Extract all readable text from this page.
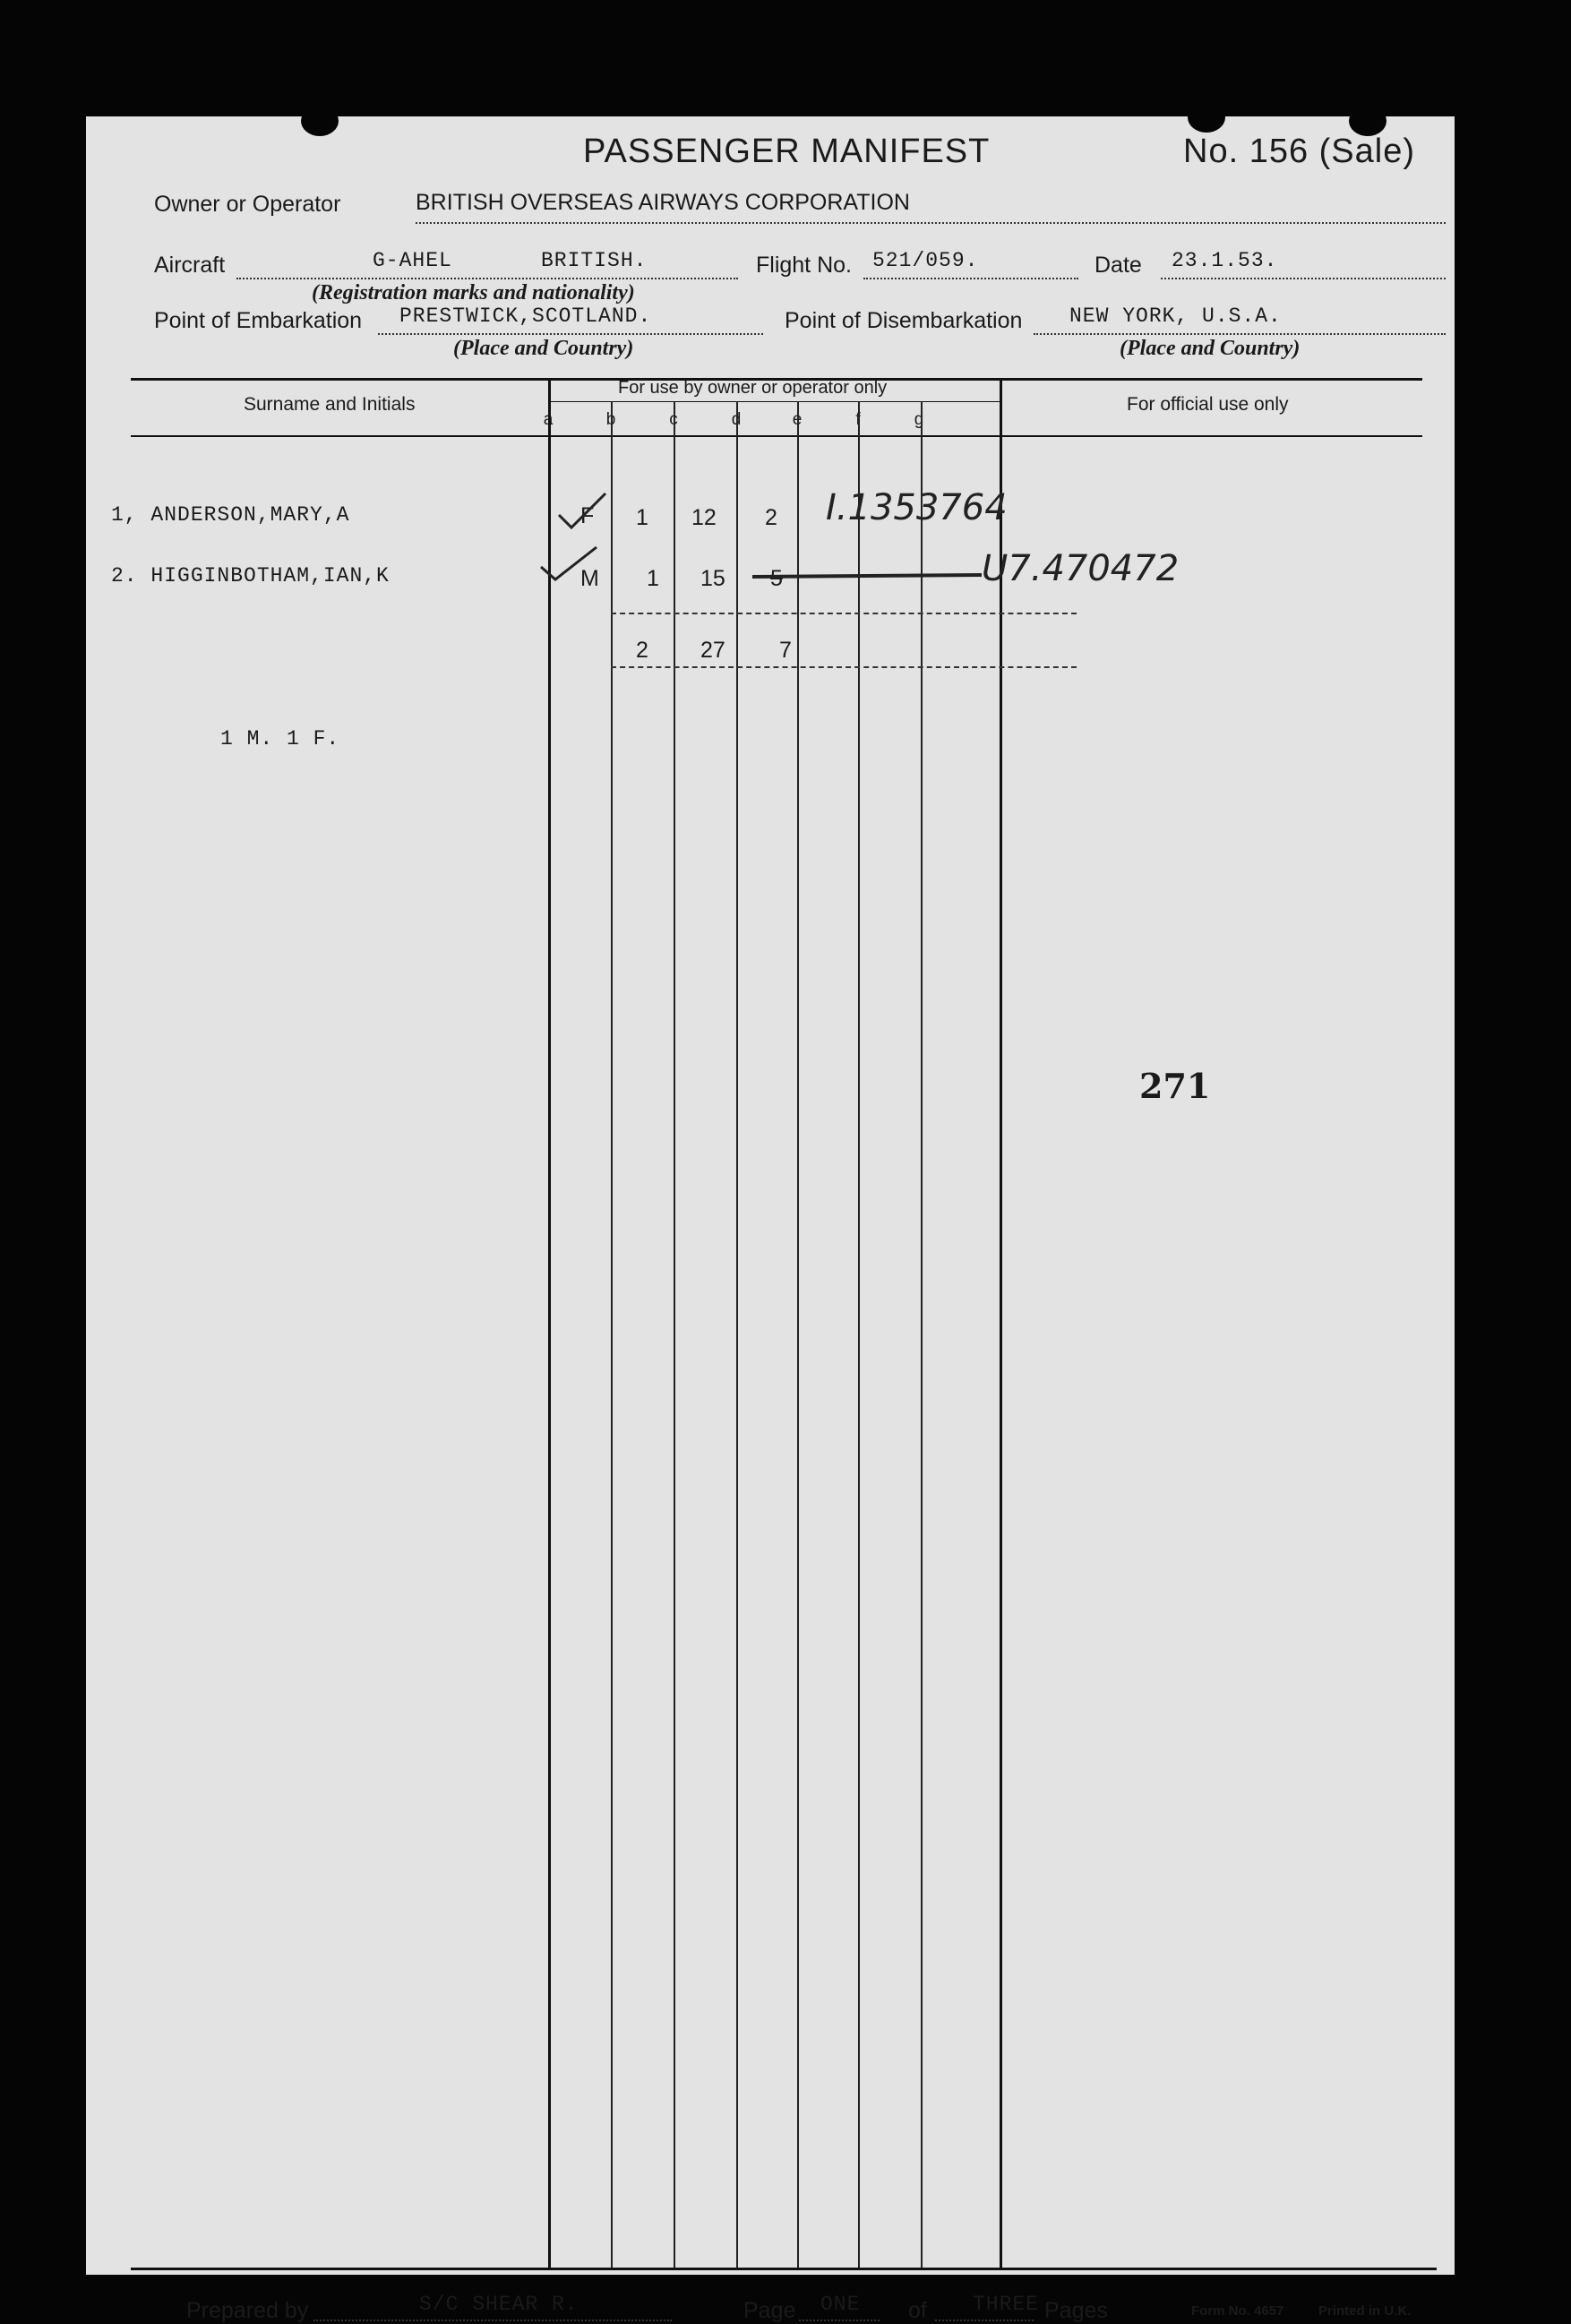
PASSENGER MANIFEST	No. 156 (Sale)
Owner or Operator	BRITISH OVERSEAS AIRWAYS CORPORATION
Aircraft	G-AHEL	BRITISH.	Flight No. 521/059.	Date 23.1.53.
(Registration marks and nationality)
Point of Embarkation PRESTWICK,SCOTLAND.	Point of Disembarkation NEW YORK, U.S.A.
(Place and Country)	(Place and Country)
Surname and Initials
For use by owner or operator only
For official use only
a	b	c	d	e	f	g
1, ANDERSON,MARY,A	F 1 12 2 I.1353764
2. HIGGINBOTHAM,IAN,K	M 1 15 5	U7.470472
2 27 7
1 M. 1 F.
271
Prepared by	S/C SHEAR R.	Page ONE of THREE Pages	Form No. 4657	Printed in U.K.
